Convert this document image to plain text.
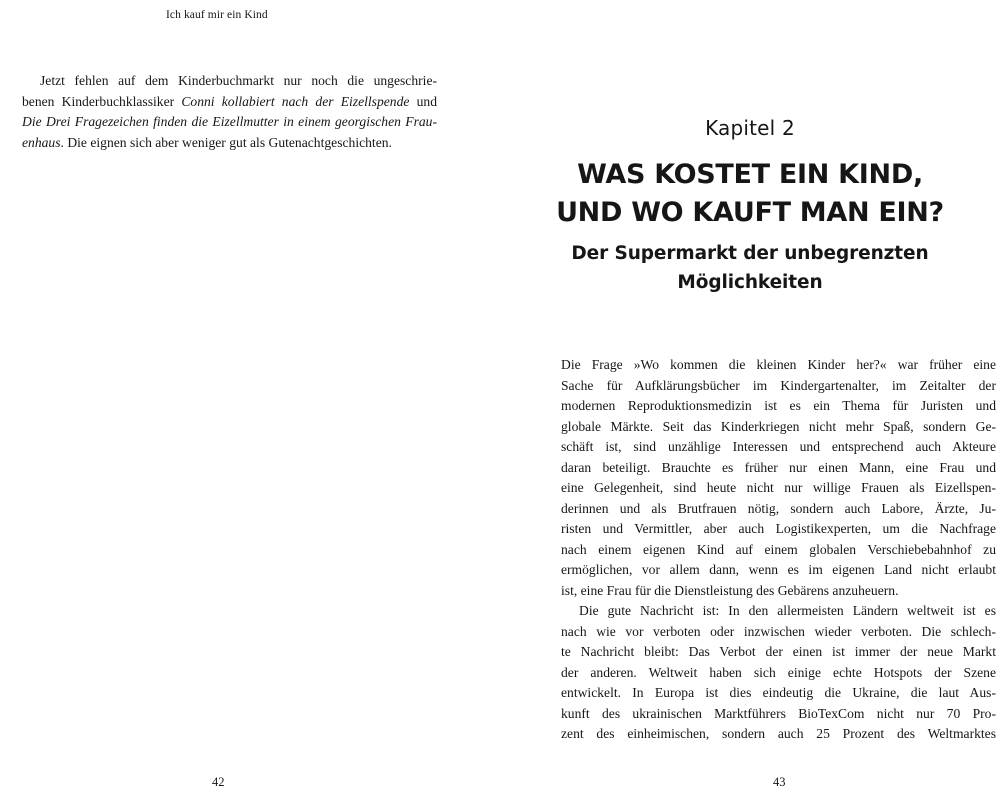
Ich kauf mir ein Kind
Jetzt fehlen auf dem Kinderbuchmarkt nur noch die ungeschrie-
benen Kinderbuchklassiker Conni kollabiert nach der Eizellspende und
Die Drei Fragezeichen finden die Eizellmutter in einem georgischen Frau-
enhaus. Die eignen sich aber weniger gut als Gutenachtgeschichten.
42
Kapitel 2
WAS KOSTET EIN KIND,
UND WO KAUFT MAN EIN?
Der Supermarkt der unbegrenzten
Möglichkeiten
Die Frage »Wo kommen die kleinen Kinder her?« war früher eine
Sache für Aufklärungsbücher im Kindergartenalter, im Zeitalter der
modernen Reproduktionsmedizin ist es ein Thema für Juristen und
globale Märkte. Seit das Kinderkriegen nicht mehr Spaß, sondern Ge-
schäft ist, sind unzählige Interessen und entsprechend auch Akteure
daran beteiligt. Brauchte es früher nur einen Mann, eine Frau und
eine Gelegenheit, sind heute nicht nur willige Frauen als Eizellspen-
derinnen und als Brutfrauen nötig, sondern auch Labore, Ärzte, Ju-
risten und Vermittler, aber auch Logistikexperten, um die Nachfrage
nach einem eigenen Kind auf einem globalen Verschiebebahnhof zu
ermöglichen, vor allem dann, wenn es im eigenen Land nicht erlaubt
ist, eine Frau für die Dienstleistung des Gebärens anzuheuern.
Die gute Nachricht ist: In den allermeisten Ländern weltweit ist es
nach wie vor verboten oder inzwischen wieder verboten. Die schlech-
te Nachricht bleibt: Das Verbot der einen ist immer der neue Markt
der anderen. Weltweit haben sich einige echte Hotspots der Szene
entwickelt. In Europa ist dies eindeutig die Ukraine, die laut Aus-
kunft des ukrainischen Marktführers BioTexCom nicht nur 70 Pro-
zent des einheimischen, sondern auch 25 Prozent des Weltmarktes
43
